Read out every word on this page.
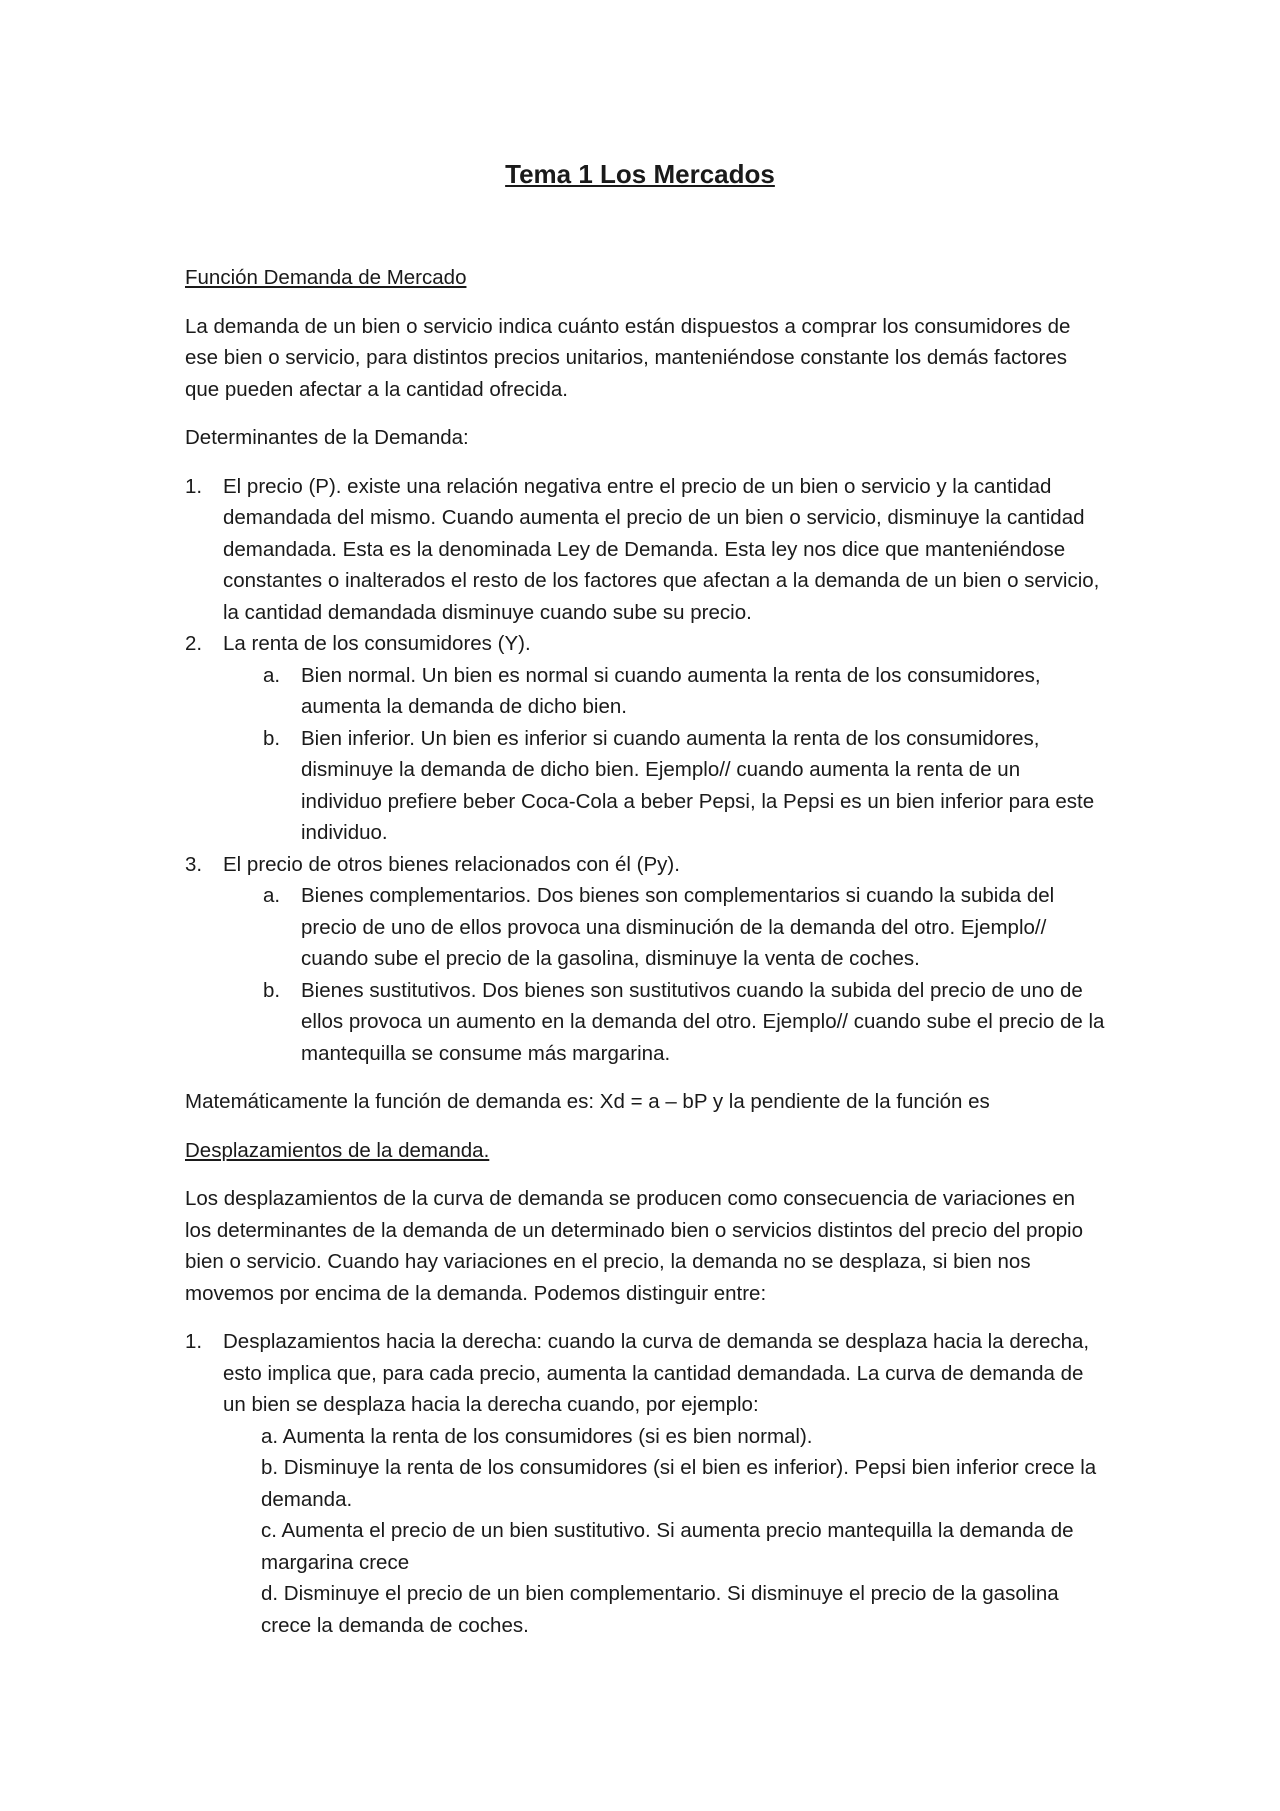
Tema 1 Los Mercados

Función Demanda de Mercado

La demanda de un bien o servicio indica cuánto están dispuestos a comprar los consumidores de ese bien o servicio, para distintos precios unitarios, manteniéndose constante los demás factores que pueden afectar a la cantidad ofrecida.

Determinantes de la Demanda:

1. El precio (P). existe una relación negativa entre el precio de un bien o servicio y la cantidad demandada del mismo. Cuando aumenta el precio de un bien o servicio, disminuye la cantidad demandada. Esta es la denominada Ley de Demanda. Esta ley nos dice que manteniéndose constantes o inalterados el resto de los factores que afectan a la demanda de un bien o servicio, la cantidad demandada disminuye cuando sube su precio.

2. La renta de los consumidores (Y).

a. Bien normal. Un bien es normal si cuando aumenta la renta de los consumidores, aumenta la demanda de dicho bien.

b. Bien inferior. Un bien es inferior si cuando aumenta la renta de los consumidores, disminuye la demanda de dicho bien. Ejemplo// cuando aumenta la renta de un individuo prefiere beber Coca-Cola a beber Pepsi, la Pepsi es un bien inferior para este individuo.

3. El precio de otros bienes relacionados con él (Py).

a. Bienes complementarios. Dos bienes son complementarios si cuando la subida del precio de uno de ellos provoca una disminución de la demanda del otro. Ejemplo// cuando sube el precio de la gasolina, disminuye la venta de coches.

b. Bienes sustitutivos. Dos bienes son sustitutivos cuando la subida del precio de uno de ellos provoca un aumento en la demanda del otro. Ejemplo// cuando sube el precio de la mantequilla se consume más margarina.

Matemáticamente la función de demanda es: Xd = a – bP y la pendiente de la función es

Desplazamientos de la demanda.

Los desplazamientos de la curva de demanda se producen como consecuencia de variaciones en los determinantes de la demanda de un determinado bien o servicios distintos del precio del propio bien o servicio. Cuando hay variaciones en el precio, la demanda no se desplaza, si bien nos movemos por encima de la demanda. Podemos distinguir entre:

1. Desplazamientos hacia la derecha: cuando la curva de demanda se desplaza hacia la derecha, esto implica que, para cada precio, aumenta la cantidad demandada. La curva de demanda de un bien se desplaza hacia la derecha cuando, por ejemplo:

a. Aumenta la renta de los consumidores (si es bien normal).

b. Disminuye la renta de los consumidores (si el bien es inferior). Pepsi bien inferior crece la demanda.

c. Aumenta el precio de un bien sustitutivo. Si aumenta precio mantequilla la demanda de margarina crece

d. Disminuye el precio de un bien complementario. Si disminuye el precio de la gasolina crece la demanda de coches.
